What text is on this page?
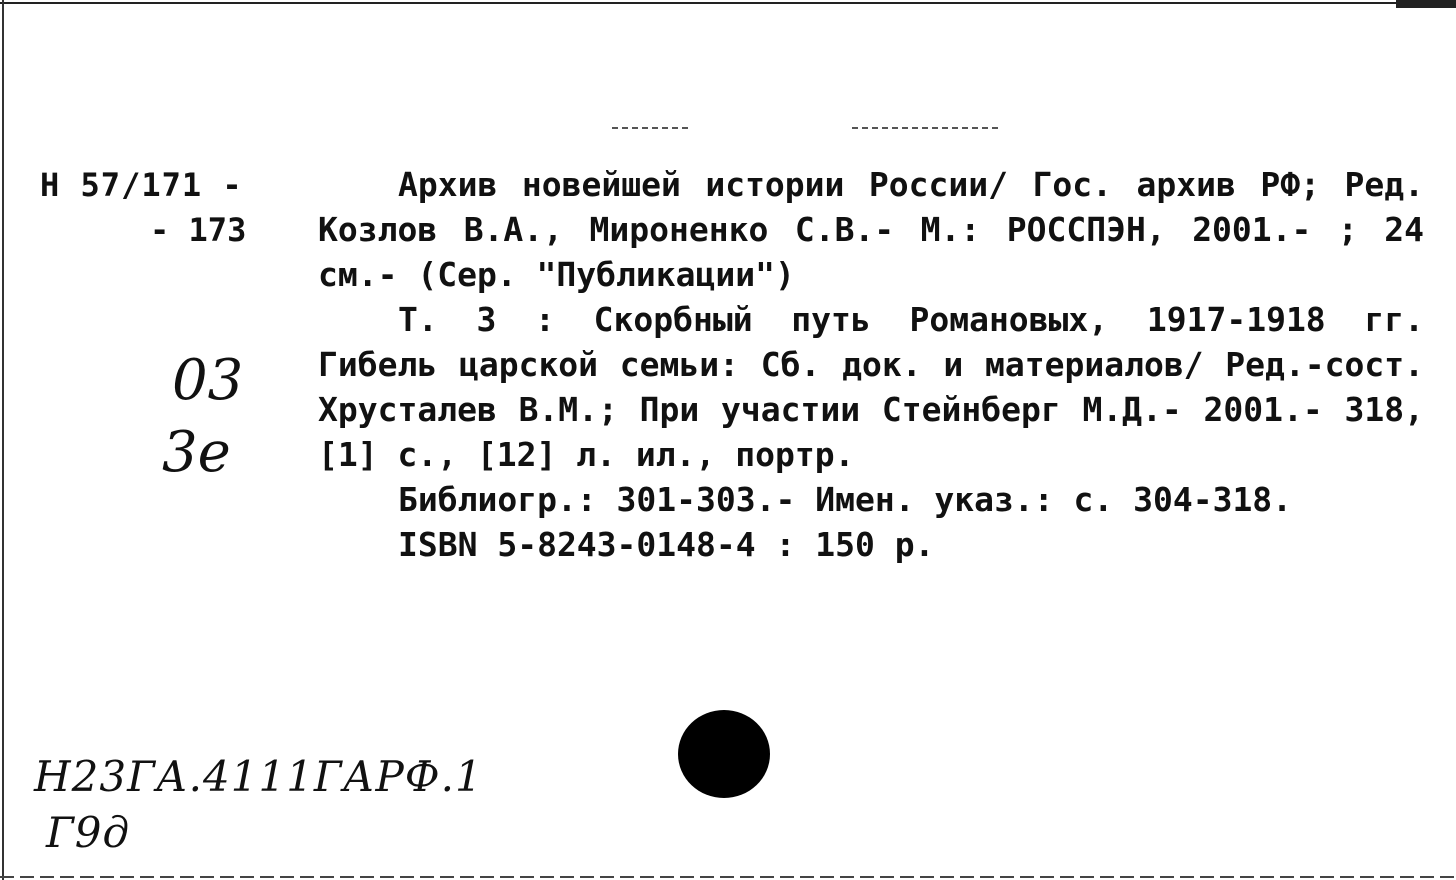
Н 57/171 -
- 173
03
3e

Архив новейшей истории России/ Гос. архив РФ; Ред. Козлов В.А., Мироненко С.В.- М.: РОССПЭН, 2001.- ; 24 см.- (Сер. "Публикации")

Т. 3 : Скорбный путь Романовых, 1917-1918 гг. Гибель царской семьи: Сб. док. и материалов/ Ред.-сост. Хрусталев В.М.; При участии Стейнберг М.Д.- 2001.- 318, [1] с., [12] л. ил., портр.

Библиогр.: 301-303.- Имен. указ.: с. 304-318.

ISBN 5-8243-0148-4 : 150 р.

Н23ГА.4111ГАРФ.1
Г9д
